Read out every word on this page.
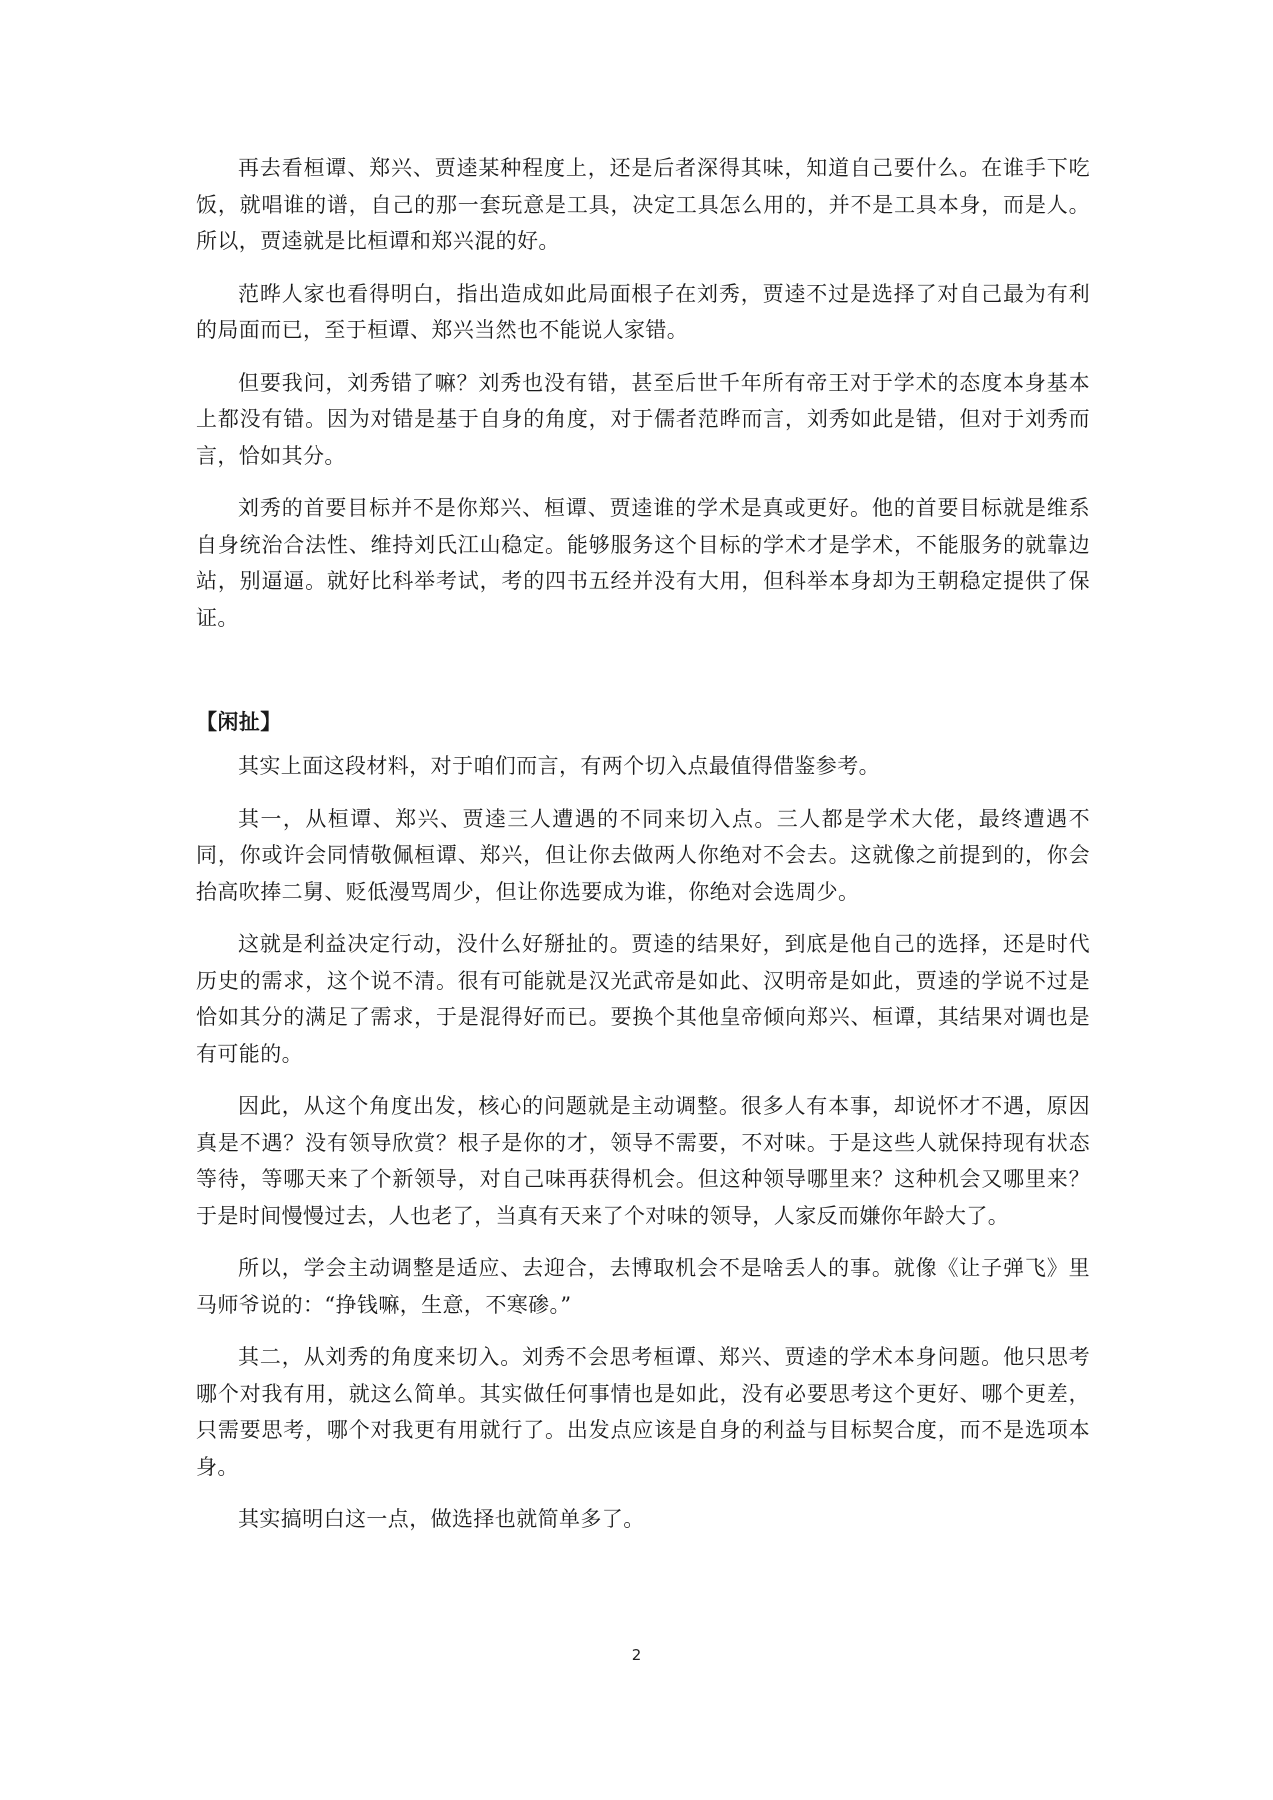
再去看桓谭、郑兴、贾逵某种程度上，还是后者深得其味，知道自己要什么。在谁手下吃饭，就唱谁的谱，自己的那一套玩意是工具，决定工具怎么用的，并不是工具本身，而是人。所以，贾逵就是比桓谭和郑兴混的好。

范晔人家也看得明白，指出造成如此局面根子在刘秀，贾逵不过是选择了对自己最为有利的局面而已，至于桓谭、郑兴当然也不能说人家错。

但要我问，刘秀错了嘛？刘秀也没有错，甚至后世千年所有帝王对于学术的态度本身基本上都没有错。因为对错是基于自身的角度，对于儒者范晔而言，刘秀如此是错，但对于刘秀而言，恰如其分。

刘秀的首要目标并不是你郑兴、桓谭、贾逵谁的学术是真或更好。他的首要目标就是维系自身统治合法性、维持刘氏江山稳定。能够服务这个目标的学术才是学术，不能服务的就靠边站，别逼逼。就好比科举考试，考的四书五经并没有大用，但科举本身却为王朝稳定提供了保证。

【闲扯】

其实上面这段材料，对于咱们而言，有两个切入点最值得借鉴参考。

其一，从桓谭、郑兴、贾逵三人遭遇的不同来切入点。三人都是学术大佬，最终遭遇不同，你或许会同情敬佩桓谭、郑兴，但让你去做两人你绝对不会去。这就像之前提到的，你会抬高吹捧二舅、贬低漫骂周少，但让你选要成为谁，你绝对会选周少。

这就是利益决定行动，没什么好掰扯的。贾逵的结果好，到底是他自己的选择，还是时代历史的需求，这个说不清。很有可能就是汉光武帝是如此、汉明帝是如此，贾逵的学说不过是恰如其分的满足了需求，于是混得好而已。要换个其他皇帝倾向郑兴、桓谭，其结果对调也是有可能的。

因此，从这个角度出发，核心的问题就是主动调整。很多人有本事，却说怀才不遇，原因真是不遇？没有领导欣赏？根子是你的才，领导不需要，不对味。于是这些人就保持现有状态等待，等哪天来了个新领导，对自己味再获得机会。但这种领导哪里来？这种机会又哪里来？于是时间慢慢过去，人也老了，当真有天来了个对味的领导，人家反而嫌你年龄大了。

所以，学会主动调整是适应、去迎合，去博取机会不是啥丢人的事。就像《让子弹飞》里马师爷说的：“挣钱嘛，生意，不寒碜。”

其二，从刘秀的角度来切入。刘秀不会思考桓谭、郑兴、贾逵的学术本身问题。他只思考哪个对我有用，就这么简单。其实做任何事情也是如此，没有必要思考这个更好、哪个更差，只需要思考，哪个对我更有用就行了。出发点应该是自身的利益与目标契合度，而不是选项本身。

其实搞明白这一点，做选择也就简单多了。

2
